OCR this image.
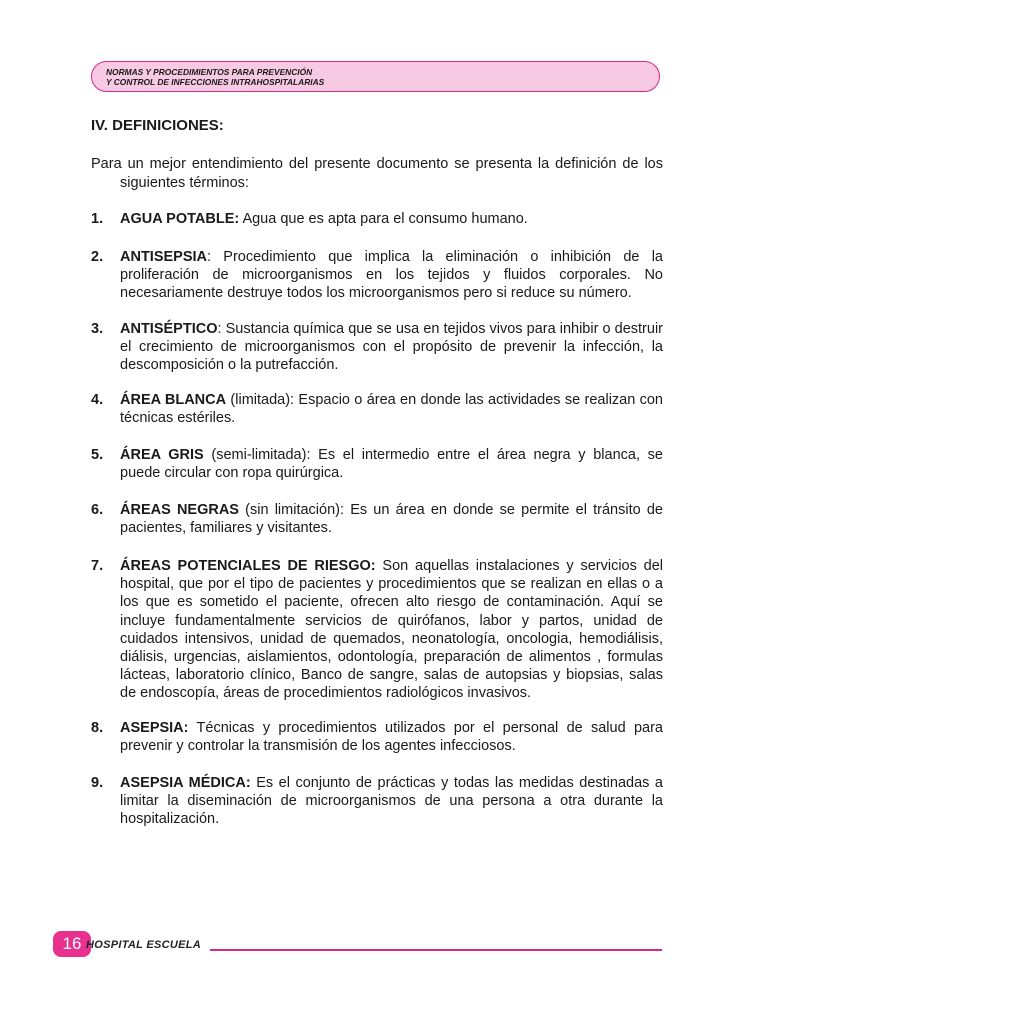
NORMAS Y PROCEDIMIENTOS PARA PREVENCIÓN
Y CONTROL DE INFECCIONES INTRAHOSPITALARIAS
IV. DEFINICIONES:
Para un mejor entendimiento del presente documento se presenta la definición de los siguientes términos:
1. AGUA POTABLE: Agua que es apta para el consumo humano.
2. ANTISEPSIA: Procedimiento que implica la eliminación o inhibición de la proliferación de microorganismos en los tejidos y fluidos corporales. No necesariamente destruye todos los microorganismos pero si reduce su número.
3. ANTISÉPTICO: Sustancia química que se usa en tejidos vivos para inhibir o destruir el crecimiento de microorganismos con el propósito de prevenir la infección, la descomposición o la putrefacción.
4. ÁREA BLANCA (limitada): Espacio o área en donde las actividades se realizan con técnicas estériles.
5. ÁREA GRIS (semi-limitada): Es el intermedio entre el área negra y blanca, se puede circular con ropa quirúrgica.
6. ÁREAS NEGRAS (sin limitación): Es un área en donde se permite el tránsito de pacientes, familiares y visitantes.
7. ÁREAS POTENCIALES DE RIESGO: Son aquellas instalaciones y servicios del hospital, que por el tipo de pacientes y procedimientos que se realizan en ellas o a los que es sometido el paciente, ofrecen alto riesgo de contaminación. Aquí se incluye fundamentalmente servicios de quirófanos, labor y partos, unidad de cuidados intensivos, unidad de quemados, neonatología, oncologia, hemodiálisis, diálisis, urgencias, aislamientos, odontología, preparación de alimentos , formulas lácteas, laboratorio clínico, Banco de sangre, salas de autopsias y biopsias, salas de endoscopía, áreas de procedimientos radiológicos invasivos.
8. ASEPSIA: Técnicas y procedimientos utilizados por el personal de salud para prevenir y controlar la transmisión de los agentes infecciosos.
9. ASEPSIA MÉDICA: Es el conjunto de prácticas y todas las medidas destinadas a limitar la diseminación de microorganismos de una persona a otra durante la hospitalización.
16 HOSPITAL ESCUELA
